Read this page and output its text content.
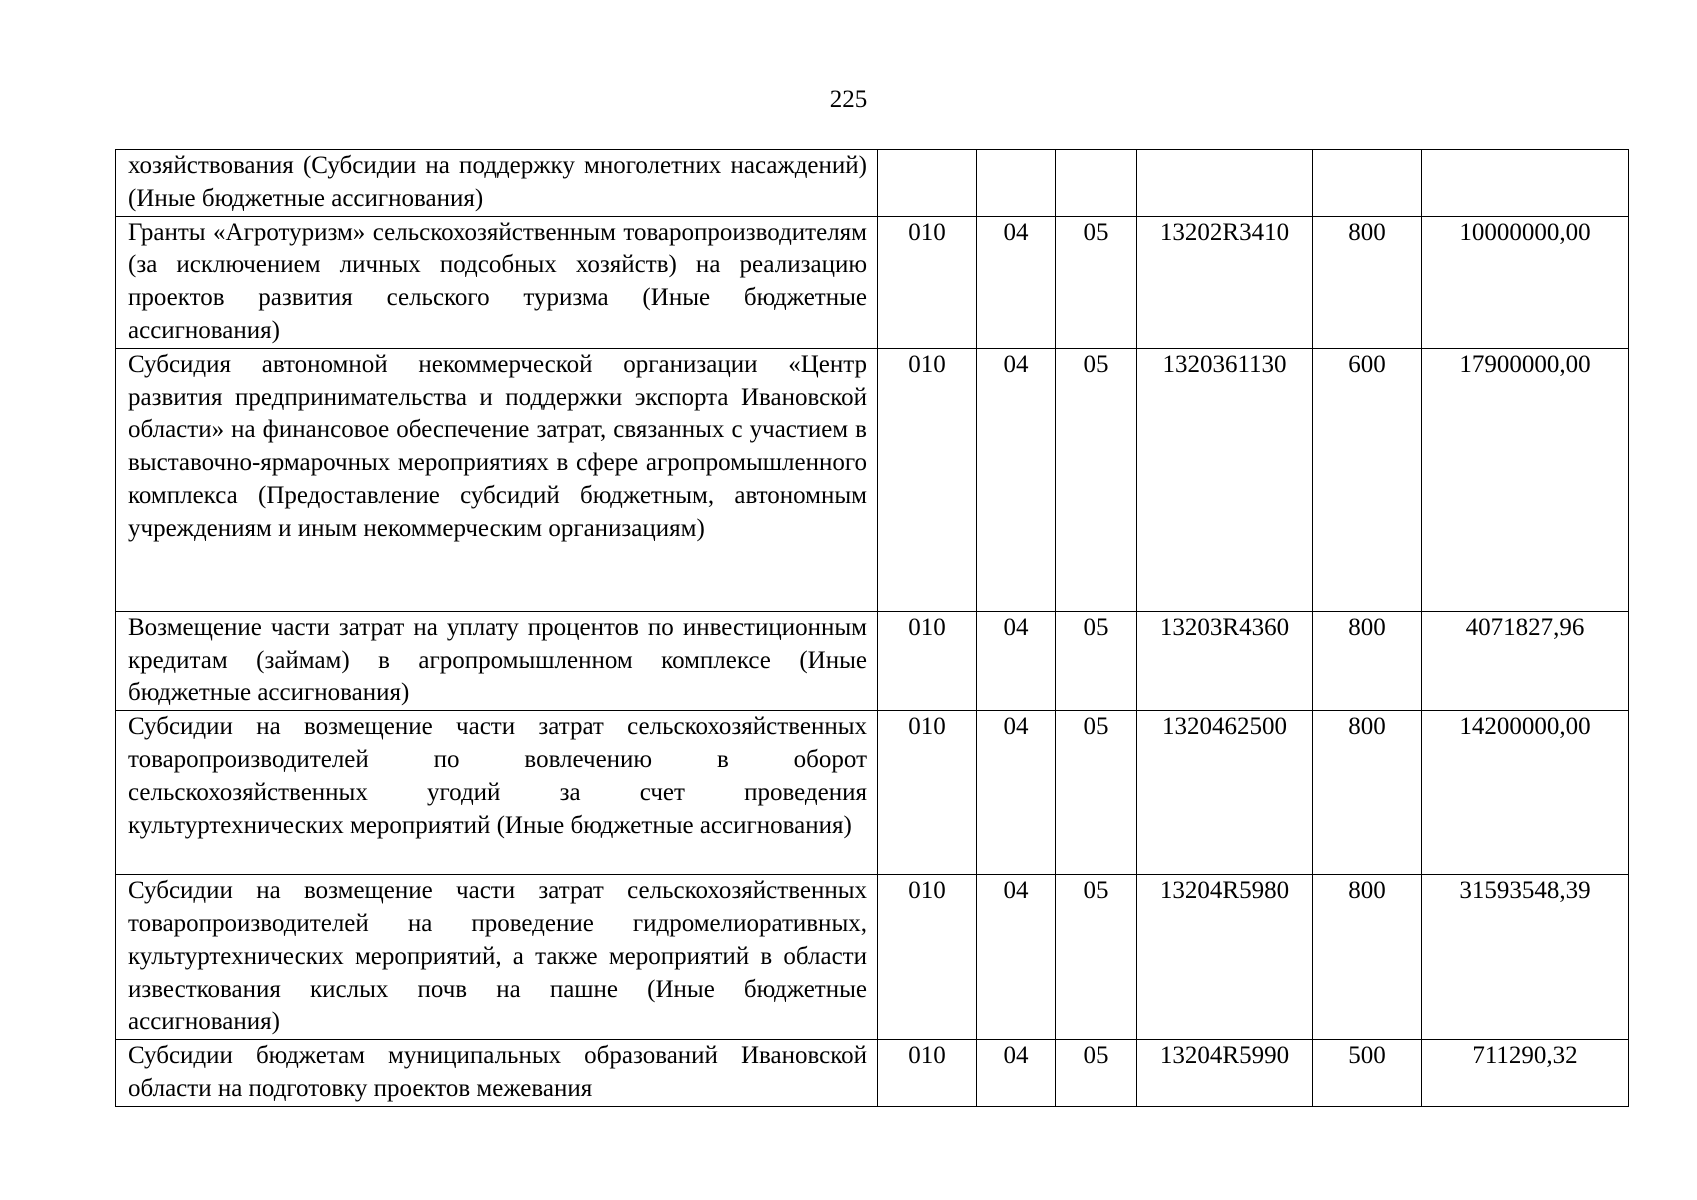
225
хозяйствования (Субсидии на поддержку многолетних насаждений) (Иные бюджетные ассигнования)						
Гранты «Агротуризм» сельскохозяйственным товаропроизводителям (за исключением личных подсобных хозяйств) на реализацию проектов развития сельского туризма (Иные бюджетные ассигнования)	010	04	05	13202R3410	800	10000000,00
Субсидия автономной некоммерческой организации «Центр развития предпринимательства и поддержки экспорта Ивановской области» на финансовое обеспечение затрат, связанных с участием в выставочно-ярмарочных мероприятиях в сфере агропромышленного комплекса (Предоставление субсидий бюджетным, автономным учреждениям и иным некоммерческим организациям)	010	04	05	1320361130	600	17900000,00
Возмещение части затрат на уплату процентов по инвестиционным кредитам (займам) в агропромышленном комплексе (Иные бюджетные ассигнования)	010	04	05	13203R4360	800	4071827,96
Субсидии на возмещение части затрат сельскохозяйственных товаропроизводителей по вовлечению в оборот сельскохозяйственных угодий за счет проведения культуртехнических мероприятий (Иные бюджетные ассигнования)	010	04	05	1320462500	800	14200000,00
Субсидии на возмещение части затрат сельскохозяйственных товаропроизводителей на проведение гидромелиоративных, культуртехнических мероприятий, а также мероприятий в области известкования кислых почв на пашне (Иные бюджетные ассигнования)	010	04	05	13204R5980	800	31593548,39
Субсидии бюджетам муниципальных образований Ивановской области на подготовку проектов межевания	010	04	05	13204R5990	500	711290,32
